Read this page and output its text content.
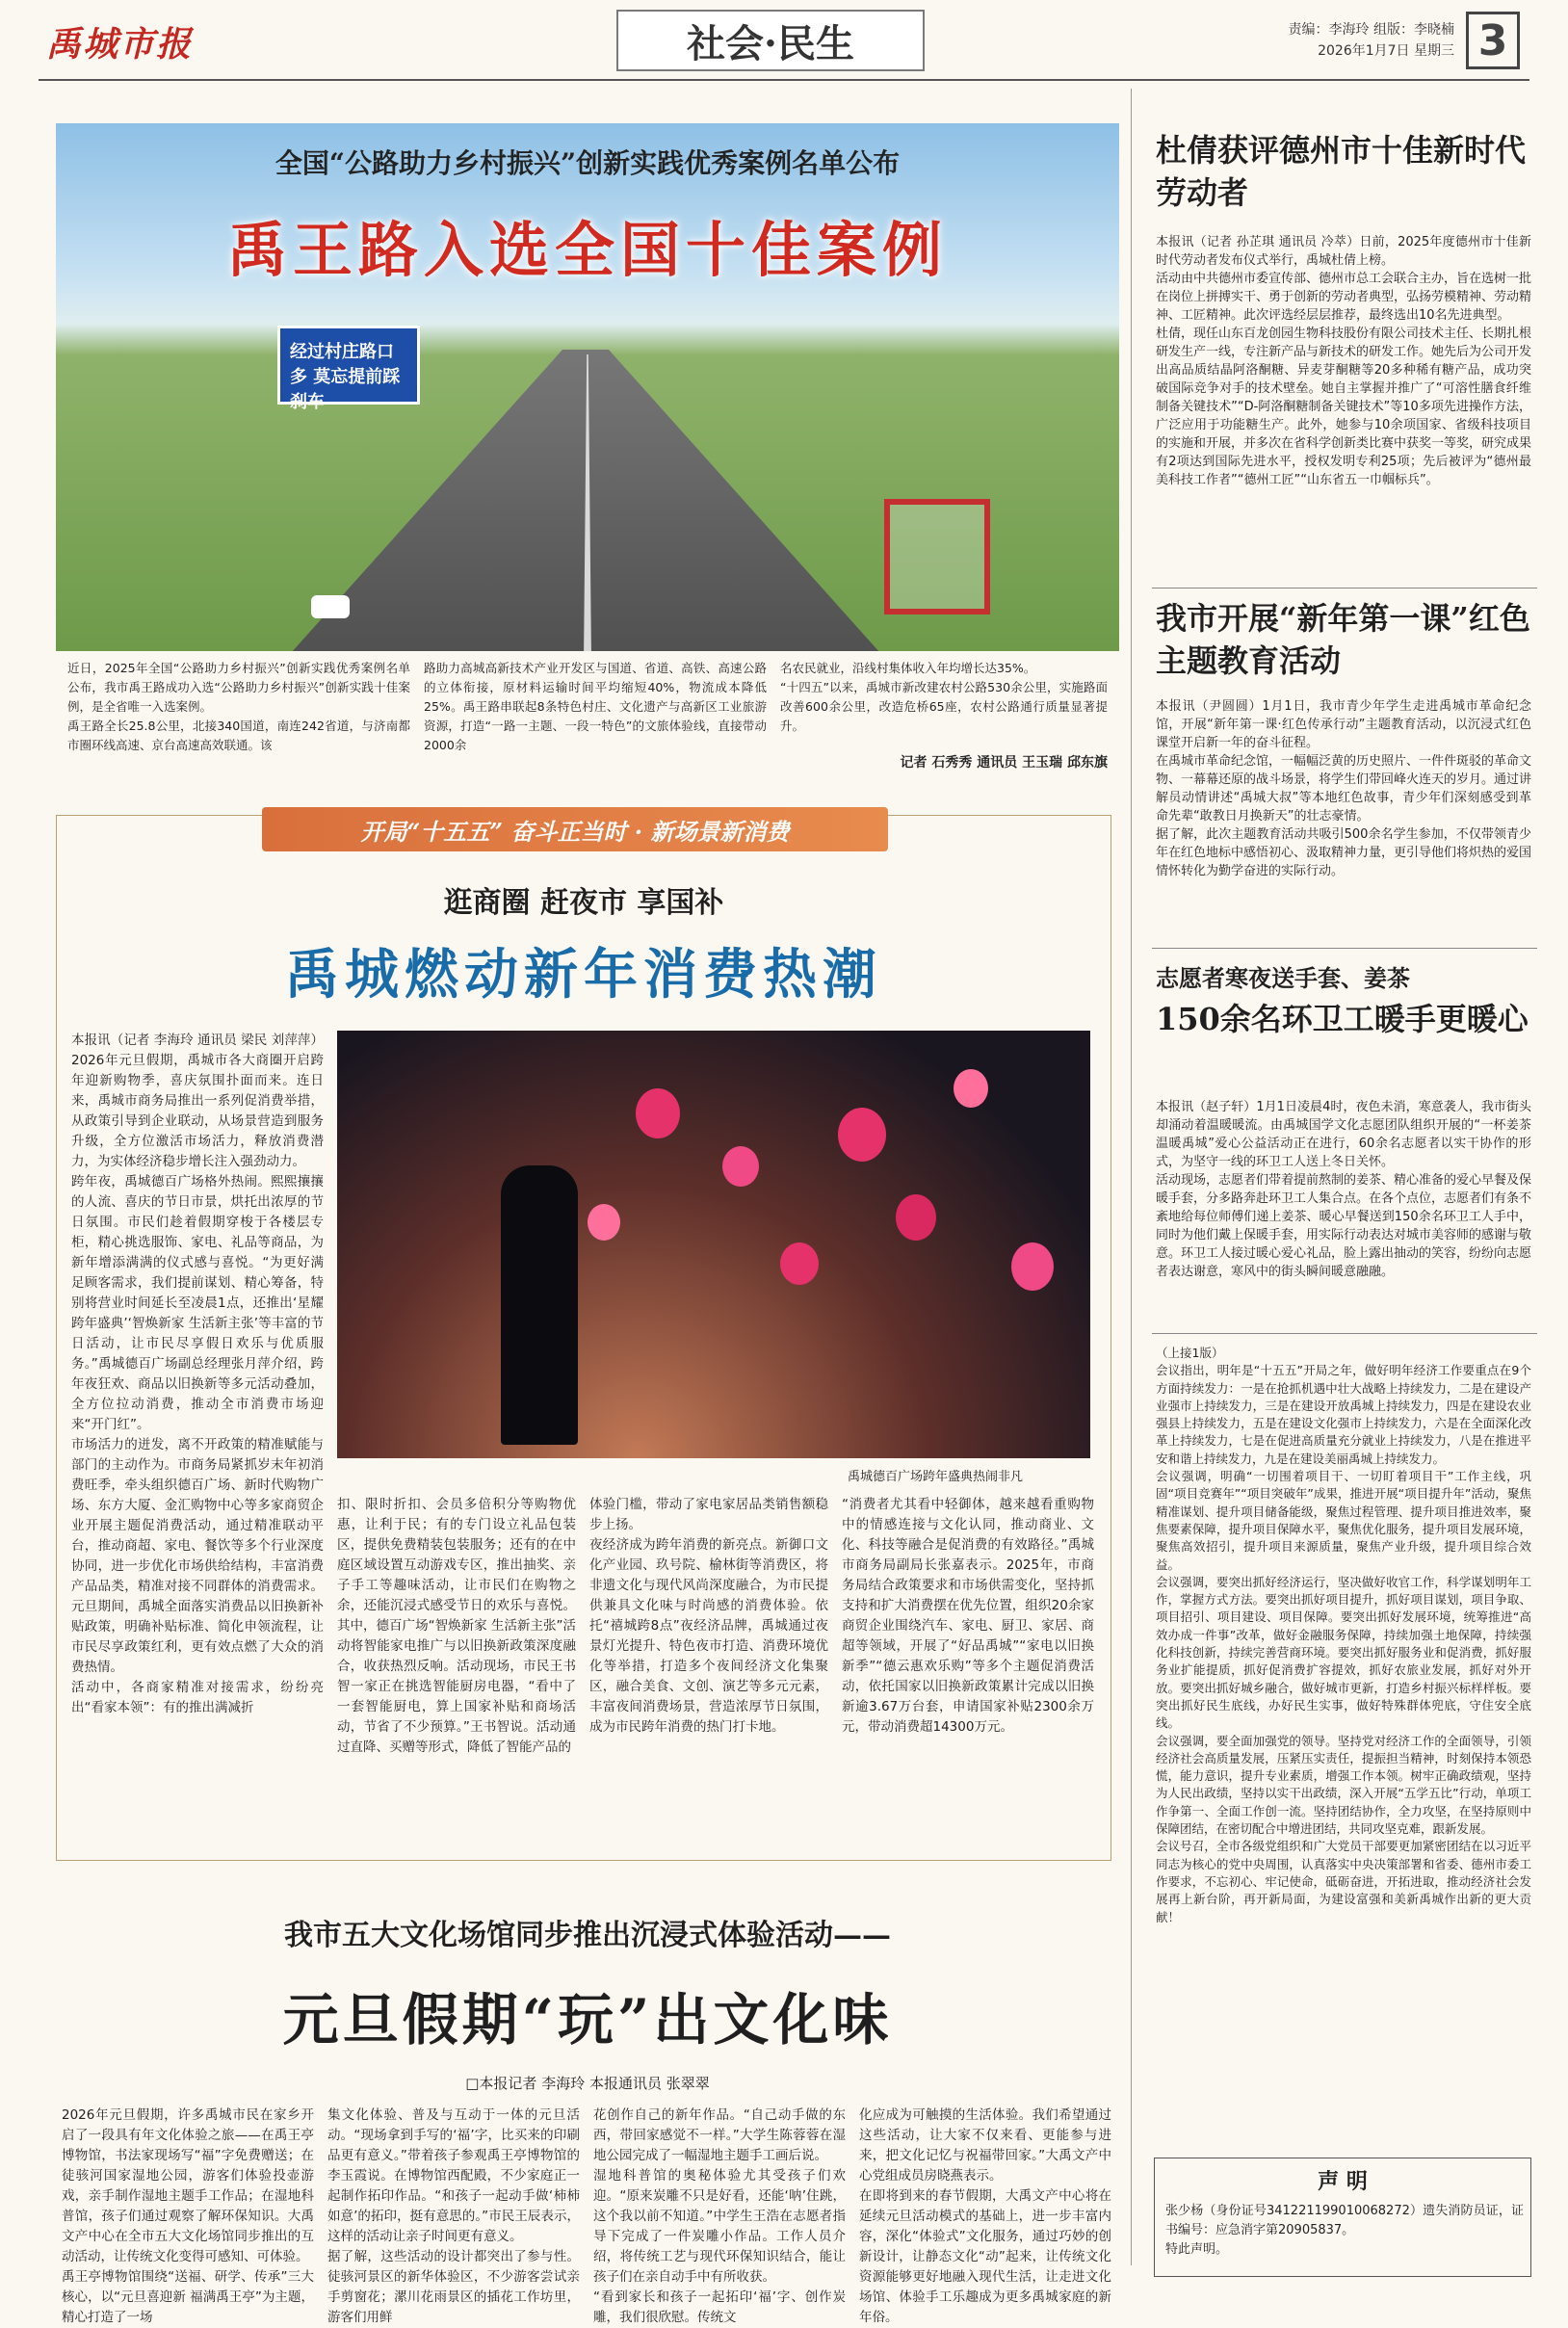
禹城市报	社会·民生	责编：李海玲 组版：李晓楠
2026年1月7日 星期三 3
经过村庄路口多 莫忘提前踩刹车
全国“公路助力乡村振兴”创新实践优秀案例名单公布
禹王路入选全国十佳案例
近日，2025年全国“公路助力乡村振兴”创新实践优秀案例名单公布，我市禹王路成功入选“公路助力乡村振兴”创新实践十佳案例，是全省唯一入选案例。
禹王路全长25.8公里，北接340国道，南连242省道，与济南都市圈环线高速、京台高速高效联通。该
路助力高城高新技术产业开发区与国道、省道、高铁、高速公路的立体衔接，原材料运输时间平均缩短40%，物流成本降低25%。禹王路串联起8条特色村庄、文化遗产与高新区工业旅游资源，打造“一路一主题、一段一特色”的文旅体验线，直接带动2000余
名农民就业，沿线村集体收入年均增长达35%。
“十四五”以来，禹城市新改建农村公路530余公里，实施路面改善600余公里，改造危桥65座，农村公路通行质量显著提升。
记者 石秀秀 通讯员 王玉瑞 邱东旗
开局“十五五” 奋斗正当时 · 新场景新消费
逛商圈 赶夜市 享国补
禹城燃动新年消费热潮
本报讯（记者 李海玲 通讯员 梁民 刘萍萍）2026年元旦假期，禹城市各大商圈开启跨年迎新购物季，喜庆氛围扑面而来。连日来，禹城市商务局推出一系列促消费举措，从政策引导到企业联动，从场景营造到服务升级，全方位激活市场活力，释放消费潜力，为实体经济稳步增长注入强劲动力。
跨年夜，禹城德百广场格外热闹。熙熙攘攘的人流、喜庆的节日市景，烘托出浓厚的节日氛围。市民们趁着假期穿梭于各楼层专柜，精心挑选服饰、家电、礼品等商品，为新年增添满满的仪式感与喜悦。“为更好满足顾客需求，我们提前谋划、精心筹备，特别将营业时间延长至凌晨1点，还推出‘星耀跨年盛典’‘智焕新家 生活新主张’等丰富的节日活动，让市民尽享假日欢乐与优质服务。”禹城德百广场副总经理张月萍介绍，跨年夜狂欢、商品以旧换新等多元活动叠加，全方位拉动消费，推动全市消费市场迎来“开门红”。
市场活力的迸发，离不开政策的精准赋能与部门的主动作为。市商务局紧抓岁末年初消费旺季，牵头组织德百广场、新时代购物广场、东方大厦、金汇购物中心等多家商贸企业开展主题促消费活动，通过精准联动平台，推动商超、家电、餐饮等多个行业深度协同，进一步优化市场供给结构，丰富消费产品品类，精准对接不同群体的消费需求。元旦期间，禹城全面落实消费品以旧换新补贴政策，明确补贴标准、简化申领流程，让市民尽享政策红利，更有效点燃了大众的消费热情。
活动中，各商家精准对接需求，纷纷亮出“看家本领”：有的推出满减折
禹城德百广场跨年盛典热闹非凡
扣、限时折扣、会员多倍积分等购物优惠，让利于民；有的专门设立礼品包装区，提供免费精装包装服务；还有的在中庭区域设置互动游戏专区，推出抽奖、亲子手工等趣味活动，让市民们在购物之余，还能沉浸式感受节日的欢乐与喜悦。其中，德百广场“智焕新家 生活新主张”活动将智能家电推广与以旧换新政策深度融合，收获热烈反响。活动现场，市民王书智一家正在挑选智能厨房电器，“看中了一套智能厨电，算上国家补贴和商场活动，节省了不少预算。”王书智说。活动通过直降、买赠等形式，降低了智能产品的
体验门槛，带动了家电家居品类销售额稳步上扬。
夜经济成为跨年消费的新亮点。新御口文化产业园、玖号院、榆林街等消费区，将非遗文化与现代风尚深度融合，为市民提供兼具文化味与时尚感的消费体验。依托“禧城跨8点”夜经济品牌，禹城通过夜景灯光提升、特色夜市打造、消费环境优化等举措，打造多个夜间经济文化集聚区，融合美食、文创、演艺等多元元素，丰富夜间消费场景，营造浓厚节日氛围，成为市民跨年消费的热门打卡地。
“消费者尤其看中轻御体，越来越看重购物中的情感连接与文化认同，推动商业、文化、科技等融合是促消费的有效路径。”禹城市商务局副局长张嘉表示。2025年，市商务局结合政策要求和市场供需变化，坚持抓支持和扩大消费摆在优先位置，组织20余家商贸企业围绕汽车、家电、厨卫、家居、商超等领域，开展了“好品禹城”“家电以旧换新季”“德云惠欢乐购”等多个主题促消费活动，依托国家以旧换新政策累计完成以旧换新逾3.67万台套，申请国家补贴2300余万元，带动消费超14300万元。
我市五大文化场馆同步推出沉浸式体验活动——
元旦假期“玩”出文化味
□本报记者 李海玲 本报通讯员 张翠翠
2026年元旦假期，许多禹城市民在家乡开启了一段具有年文化体验之旅——在禹王亭博物馆，书法家现场写“福”字免费赠送；在徒骇河国家湿地公园，游客们体验投壶游戏，亲手制作湿地主题手工作品；在湿地科普馆，孩子们通过观察了解环保知识。大禹文产中心在全市五大文化场馆同步推出的互动活动，让传统文化变得可感知、可体验。
禹王亭博物馆围绕“送福、研学、传承”三大核心，以“元旦喜迎新 福满禹王亭”为主题，精心打造了一场
集文化体验、普及与互动于一体的元旦活动。“现场拿到手写的‘福’字，比买来的印刷品更有意义。”带着孩子参观禹王亭博物馆的李玉霞说。在博物馆西配殿，不少家庭正一起制作拓印作品。“和孩子一起动手做‘柿柿如意’的拓印，挺有意思的。”市民王辰表示，这样的活动让亲子时间更有意义。
据了解，这些活动的设计都突出了参与性。徒骇河景区的新华体验区，不少游客尝试亲手剪窗花；漯川花雨景区的插花工作坊里，游客们用鲜
花创作自己的新年作品。“自己动手做的东西，带回家感觉不一样。”大学生陈蓉蓉在湿地公园完成了一幅湿地主题手工画后说。
湿地科普馆的奥秘体验尤其受孩子们欢迎。“原来炭雕不只是好看，还能‘呐’住跳，这个我以前不知道。”中学生王浩在志愿者指导下完成了一件炭雕小作品。工作人员介绍，将传统工艺与现代环保知识结合，能让孩子们在亲自动手中有所收获。
“看到家长和孩子一起拓印‘福’字、创作炭雕，我们很欣慰。传统文
化应成为可触摸的生活体验。我们希望通过这些活动，让大家不仅来看、更能参与进来，把文化记忆与祝福带回家。”大禹文产中心党组成员房晓燕表示。
在即将到来的春节假期，大禹文产中心将在延续元旦活动模式的基础上，进一步丰富内容，深化“体验式”文化服务，通过巧妙的创新设计，让静态文化“动”起来，让传统文化资源能够更好地融入现代生活，让走进文化场馆、体验手工乐趣成为更多禹城家庭的新年俗。
杜倩获评德州市十佳新时代劳动者
本报讯（记者 孙芷琪 通讯员 冷萃）日前，2025年度德州市十佳新时代劳动者发布仪式举行，禹城杜倩上榜。
活动由中共德州市委宣传部、德州市总工会联合主办，旨在选树一批在岗位上拼搏实干、勇于创新的劳动者典型，弘扬劳模精神、劳动精神、工匠精神。此次评选经层层推荐，最终选出10名先进典型。
杜倩，现任山东百龙创园生物科技股份有限公司技术主任、长期扎根研发生产一线，专注新产品与新技术的研发工作。她先后为公司开发出高品质结晶阿洛酮糖、异麦芽酮糖等20多种稀有糖产品，成功突破国际竞争对手的技术壁垒。她自主掌握并推广了“可溶性膳食纤维制备关键技术”“D-阿洛酮糖制备关键技术”等10多项先进操作方法，广泛应用于功能糖生产。此外，她参与10余项国家、省级科技项目的实施和开展，并多次在省科学创新类比赛中获奖一等奖，研究成果有2项达到国际先进水平，授权发明专利25项；先后被评为“德州最美科技工作者”“德州工匠”“山东省五一巾帼标兵”。
我市开展“新年第一课”红色主题教育活动
本报讯（尹圆圆）1月1日，我市青少年学生走进禹城市革命纪念馆，开展“新年第一课·红色传承行动”主题教育活动，以沉浸式红色课堂开启新一年的奋斗征程。
在禹城市革命纪念馆，一幅幅泛黄的历史照片、一件件斑驳的革命文物、一幕幕还原的战斗场景，将学生们带回峰火连天的岁月。通过讲解员动情讲述“禹城大叔”等本地红色故事，青少年们深刻感受到革命先辈“敢教日月换新天”的壮志豪情。
据了解，此次主题教育活动共吸引500余名学生参加，不仅带领青少年在红色地标中感悟初心、汲取精神力量，更引导他们将炽热的爱国情怀转化为勤学奋进的实际行动。
志愿者寒夜送手套、姜茶
150余名环卫工暖手更暖心
本报讯（赵子轩）1月1日凌晨4时，夜色未消，寒意袭人，我市街头却涌动着温暖暖流。由禹城国学文化志愿团队组织开展的“一杯姜茶 温暖禹城”爱心公益活动正在进行，60余名志愿者以实干协作的形式，为坚守一线的环卫工人送上冬日关怀。
活动现场，志愿者们带着提前熬制的姜茶、精心准备的爱心早餐及保暖手套，分多路奔赴环卫工人集合点。在各个点位，志愿者们有条不紊地给每位师傅们递上姜茶、暖心早餐送到150余名环卫工人手中，同时为他们戴上保暖手套，用实际行动表达对城市美容师的感谢与敬意。环卫工人接过暖心爱心礼品，脸上露出抽动的笑容，纷纷向志愿者表达谢意，寒风中的街头瞬间暖意融融。
（上接1版）
会议指出，明年是“十五五”开局之年，做好明年经济工作要重点在9个方面持续发力：一是在抢抓机遇中壮大战略上持续发力，二是在建设产业强市上持续发力，三是在建设开放禹城上持续发力，四是在建设农业强县上持续发力，五是在建设文化强市上持续发力，六是在全面深化改革上持续发力，七是在促进高质量充分就业上持续发力，八是在推进平安和谐上持续发力，九是在建设美丽禹城上持续发力。
会议强调，明确“一切围着项目干、一切盯着项目干”工作主线，巩固“项目竞赛年”“项目突破年”成果，推进开展“项目提升年”活动，聚焦精准谋划、提升项目储备能级，聚焦过程管理、提升项目推进效率，聚焦要素保障，提升项目保障水平，聚焦优化服务，提升项目发展环境，聚焦高效招引，提升项目来源质量，聚焦产业升级，提升项目综合效益。
会议强调，要突出抓好经济运行，坚决做好收官工作，科学谋划明年工作，掌握方式方法。要突出抓好项目提升，抓好项目谋划，项目争取、项目招引、项目建设、项目保障。要突出抓好发展环境，统筹推进“高效办成一件事”改革，做好金融服务保障，持续加强土地保障，持续强化科技创新，持续完善营商环境。要突出抓好服务业和促消费，抓好服务业扩能提质，抓好促消费扩容提效，抓好农旅业发展，抓好对外开放。要突出抓好城乡融合，做好城市更新，打造乡村振兴标样样板。要突出抓好民生底线，办好民生实事，做好特殊群体兜底，守住安全底线。
会议强调，要全面加强党的领导。坚持党对经济工作的全面领导，引领经济社会高质量发展，压紧压实责任，提振担当精神，时刻保持本领恐慌，能力意识，提升专业素质，增强工作本领。树牢正确政绩观，坚持为人民出政绩，坚持以实干出政绩，深入开展“五学五比”行动，单项工作争第一、全面工作创一流。坚持团结协作，全力攻坚，在坚持原则中保障团结，在密切配合中增进团结，共同攻坚克难，跟新发展。
会议号召，全市各级党组织和广大党员干部要更加紧密团结在以习近平同志为核心的党中央周围，认真落实中央决策部署和省委、德州市委工作要求，不忘初心、牢记使命，砥砺奋进，开拓进取，推动经济社会发展再上新台阶，再开新局面，为建设富强和美新禹城作出新的更大贡献！
声 明
张少杨（身份证号341221199010068272）遗失消防员证，证书编号：应急消字第20905837。
特此声明。
